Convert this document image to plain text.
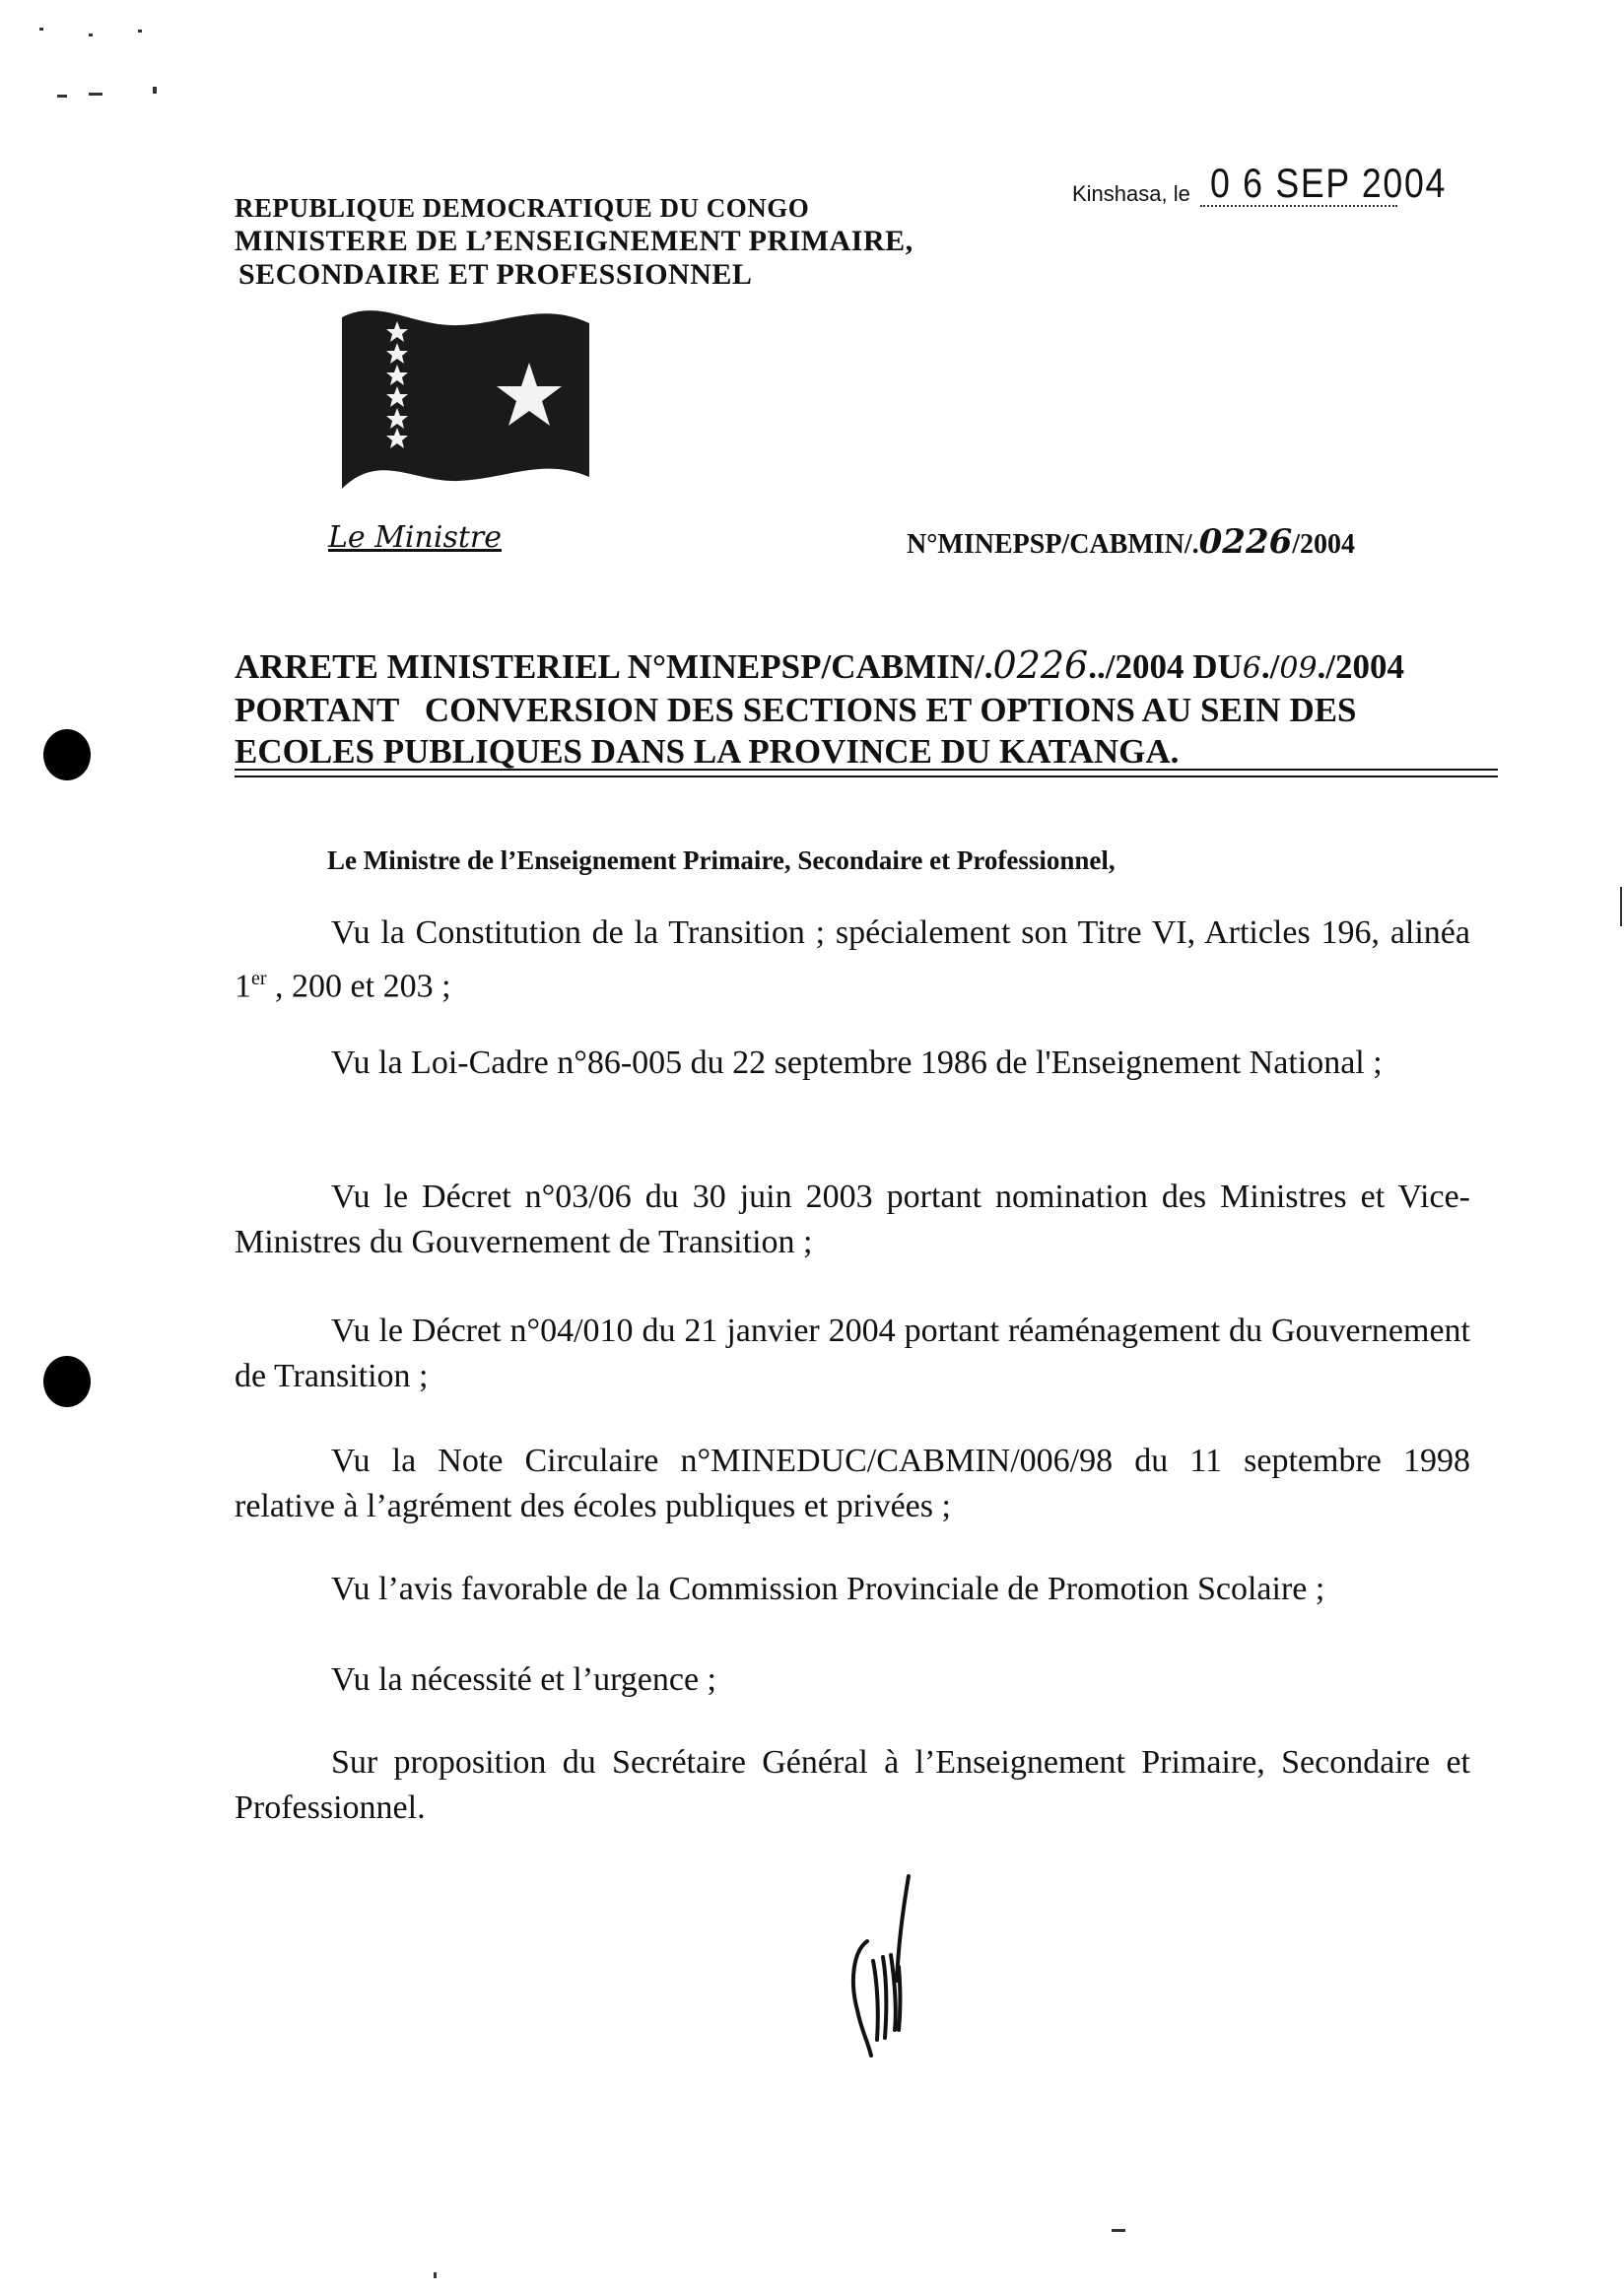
REPUBLIQUE DEMOCRATIQUE DU CONGO
MINISTERE DE L’ENSEIGNEMENT PRIMAIRE,
SECONDAIRE ET PROFESSIONNEL
Kinshasa, le 0 6 SEP 2004
Le Ministre	N°MINEPSP/CABMIN/.0226/2004
ARRETE MINISTERIEL N°MINEPSP/CABMIN/.0226../2004 DU6./09./2004
PORTANT   CONVERSION DES SECTIONS ET OPTIONS AU SEIN DES
ECOLES PUBLIQUES DANS LA PROVINCE DU KATANGA.
Le Ministre de l’Enseignement Primaire, Secondaire et Professionnel,
Vu la Constitution de la Transition ; spécialement son Titre VI, Articles 196, alinéa 1er , 200 et 203 ;
Vu la Loi-Cadre n°86-005 du 22 septembre 1986 de l'Enseignement National ;
Vu le Décret n°03/06 du 30 juin 2003 portant nomination des Ministres et Vice-Ministres du Gouvernement de Transition ;
Vu le Décret n°04/010 du 21 janvier 2004 portant réaménagement du Gouvernement de Transition ;
Vu la Note Circulaire n°MINEDUC/CABMIN/006/98 du 11 septembre 1998 relative à l’agrément des écoles publiques et privées ;
Vu l’avis favorable de la Commission Provinciale de Promotion Scolaire ;
Vu la nécessité et l’urgence ;
Sur proposition du Secrétaire Général à l’Enseignement Primaire, Secondaire et Professionnel.
